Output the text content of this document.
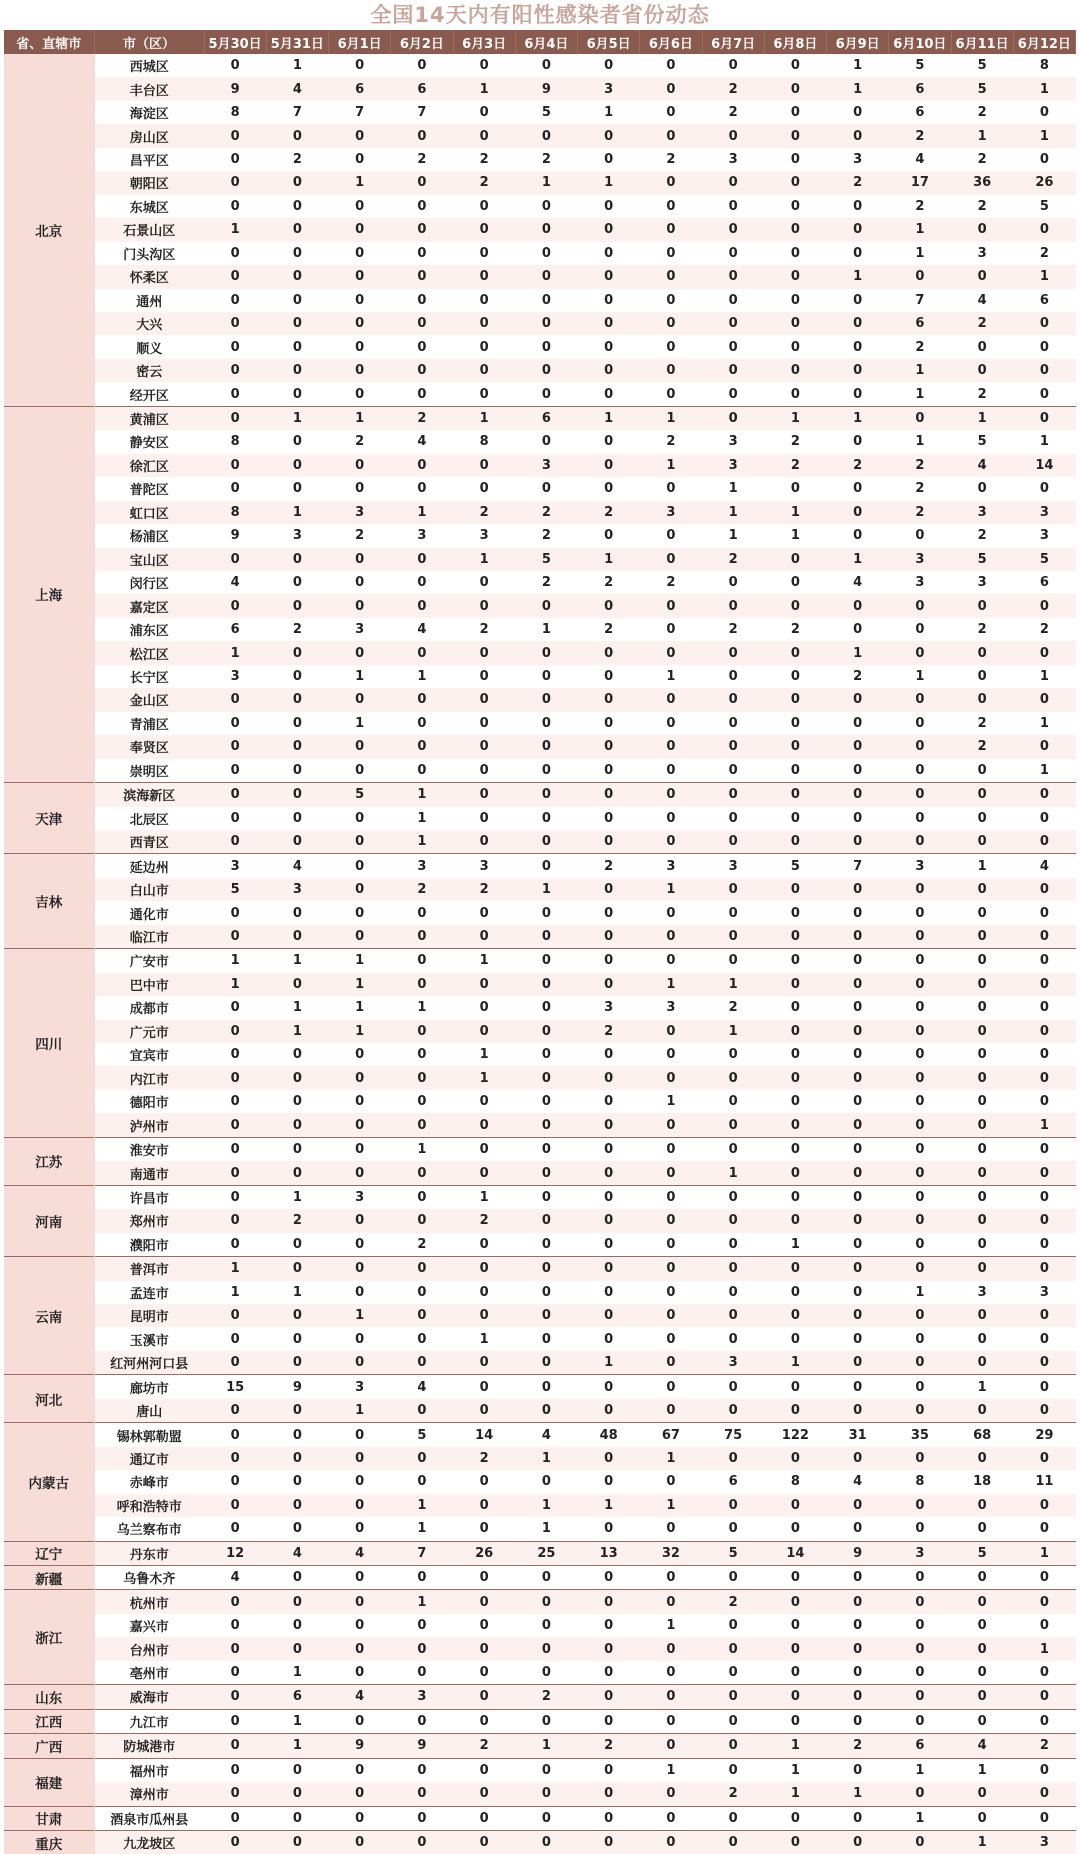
全国14天内有阳性感染者省份动态
省、直辖市	市（区）	5月30日	5月31日	6月1日	6月2日	6月3日	6月4日	6月5日	6月6日	6月7日	6月8日	6月9日	6月10日	6月11日	6月12日
北京	西城区	0	1	0	0	0	0	0	0	0	0	1	5	5	8
	丰台区	9	4	6	6	1	9	3	0	2	0	1	6	5	1
	海淀区	8	7	7	7	0	5	1	0	2	0	0	6	2	0
	房山区	0	0	0	0	0	0	0	0	0	0	0	2	1	1
	昌平区	0	2	0	2	2	2	0	2	3	0	3	4	2	0
	朝阳区	0	0	1	0	2	1	1	0	0	0	2	17	36	26
	东城区	0	0	0	0	0	0	0	0	0	0	0	2	2	5
	石景山区	1	0	0	0	0	0	0	0	0	0	0	1	0	0
	门头沟区	0	0	0	0	0	0	0	0	0	0	0	1	3	2
	怀柔区	0	0	0	0	0	0	0	0	0	0	1	0	0	1
	通州	0	0	0	0	0	0	0	0	0	0	0	7	4	6
	大兴	0	0	0	0	0	0	0	0	0	0	0	6	2	0
	顺义	0	0	0	0	0	0	0	0	0	0	0	2	0	0
	密云	0	0	0	0	0	0	0	0	0	0	0	1	0	0
	经开区	0	0	0	0	0	0	0	0	0	0	0	1	2	0
上海	黄浦区	0	1	1	2	1	6	1	1	0	1	1	0	1	0
	静安区	8	0	2	4	8	0	0	2	3	2	0	1	5	1
	徐汇区	0	0	0	0	0	3	0	1	3	2	2	2	4	14
	普陀区	0	0	0	0	0	0	0	0	1	0	0	2	0	0
	虹口区	8	1	3	1	2	2	2	3	1	1	0	2	3	3
	杨浦区	9	3	2	3	3	2	0	0	1	1	0	0	2	3
	宝山区	0	0	0	0	1	5	1	0	2	0	1	3	5	5
	闵行区	4	0	0	0	0	2	2	2	0	0	4	3	3	6
	嘉定区	0	0	0	0	0	0	0	0	0	0	0	0	0	0
	浦东区	6	2	3	4	2	1	2	0	2	2	0	0	2	2
	松江区	1	0	0	0	0	0	0	0	0	0	1	0	0	0
	长宁区	3	0	1	1	0	0	0	1	0	0	2	1	0	1
	金山区	0	0	0	0	0	0	0	0	0	0	0	0	0	0
	青浦区	0	0	1	0	0	0	0	0	0	0	0	0	2	1
	奉贤区	0	0	0	0	0	0	0	0	0	0	0	0	2	0
	崇明区	0	0	0	0	0	0	0	0	0	0	0	0	0	1
天津	滨海新区	0	0	5	1	0	0	0	0	0	0	0	0	0	0
	北辰区	0	0	0	1	0	0	0	0	0	0	0	0	0	0
	西青区	0	0	0	1	0	0	0	0	0	0	0	0	0	0
吉林	延边州	3	4	0	3	3	0	2	3	3	5	7	3	1	4
	白山市	5	3	0	2	2	1	0	1	0	0	0	0	0	0
	通化市	0	0	0	0	0	0	0	0	0	0	0	0	0	0
	临江市	0	0	0	0	0	0	0	0	0	0	0	0	0	0
四川	广安市	1	1	1	0	1	0	0	0	0	0	0	0	0	0
	巴中市	1	0	1	0	0	0	0	1	1	0	0	0	0	0
	成都市	0	1	1	1	0	0	3	3	2	0	0	0	0	0
	广元市	0	1	1	0	0	0	2	0	1	0	0	0	0	0
	宜宾市	0	0	0	0	1	0	0	0	0	0	0	0	0	0
	内江市	0	0	0	0	1	0	0	0	0	0	0	0	0	0
	德阳市	0	0	0	0	0	0	0	1	0	0	0	0	0	0
	泸州市	0	0	0	0	0	0	0	0	0	0	0	0	0	1
江苏	淮安市	0	0	0	1	0	0	0	0	0	0	0	0	0	0
	南通市	0	0	0	0	0	0	0	0	1	0	0	0	0	0
河南	许昌市	0	1	3	0	1	0	0	0	0	0	0	0	0	0
	郑州市	0	2	0	0	2	0	0	0	0	0	0	0	0	0
	濮阳市	0	0	0	2	0	0	0	0	0	1	0	0	0	0
云南	普洱市	1	0	0	0	0	0	0	0	0	0	0	0	0	0
	孟连市	1	1	0	0	0	0	0	0	0	0	0	1	3	3
	昆明市	0	0	1	0	0	0	0	0	0	0	0	0	0	0
	玉溪市	0	0	0	0	1	0	0	0	0	0	0	0	0	0
	红河州河口县	0	0	0	0	0	0	1	0	3	1	0	0	0	0
河北	廊坊市	15	9	3	4	0	0	0	0	0	0	0	0	1	0
	唐山	0	0	1	0	0	0	0	0	0	0	0	0	0	0
内蒙古	锡林郭勒盟	0	0	0	5	14	4	48	67	75	122	31	35	68	29
	通辽市	0	0	0	0	2	1	0	1	0	0	0	0	0	0
	赤峰市	0	0	0	0	0	0	0	0	6	8	4	8	18	11
	呼和浩特市	0	0	0	1	0	1	1	1	0	0	0	0	0	0
	乌兰察布市	0	0	0	1	0	1	0	0	0	0	0	0	0	0
辽宁	丹东市	12	4	4	7	26	25	13	32	5	14	9	3	5	1
新疆	乌鲁木齐	4	0	0	0	0	0	0	0	0	0	0	0	0	0
浙江	杭州市	0	0	0	1	0	0	0	0	2	0	0	0	0	0
	嘉兴市	0	0	0	0	0	0	0	1	0	0	0	0	0	0
	台州市	0	0	0	0	0	0	0	0	0	0	0	0	0	1
	亳州市	0	1	0	0	0	0	0	0	0	0	0	0	0	0
山东	威海市	0	6	4	3	0	2	0	0	0	0	0	0	0	0
江西	九江市	0	1	0	0	0	0	0	0	0	0	0	0	0	0
广西	防城港市	0	1	9	9	2	1	2	0	0	1	2	6	4	2
福建	福州市	0	0	0	0	0	0	0	1	0	1	0	1	1	0
	漳州市	0	0	0	0	0	0	0	0	2	1	1	0	0	0
甘肃	酒泉市瓜州县	0	0	0	0	0	0	0	0	0	0	0	1	0	0
重庆	九龙坡区	0	0	0	0	0	0	0	0	0	0	0	0	1	3
